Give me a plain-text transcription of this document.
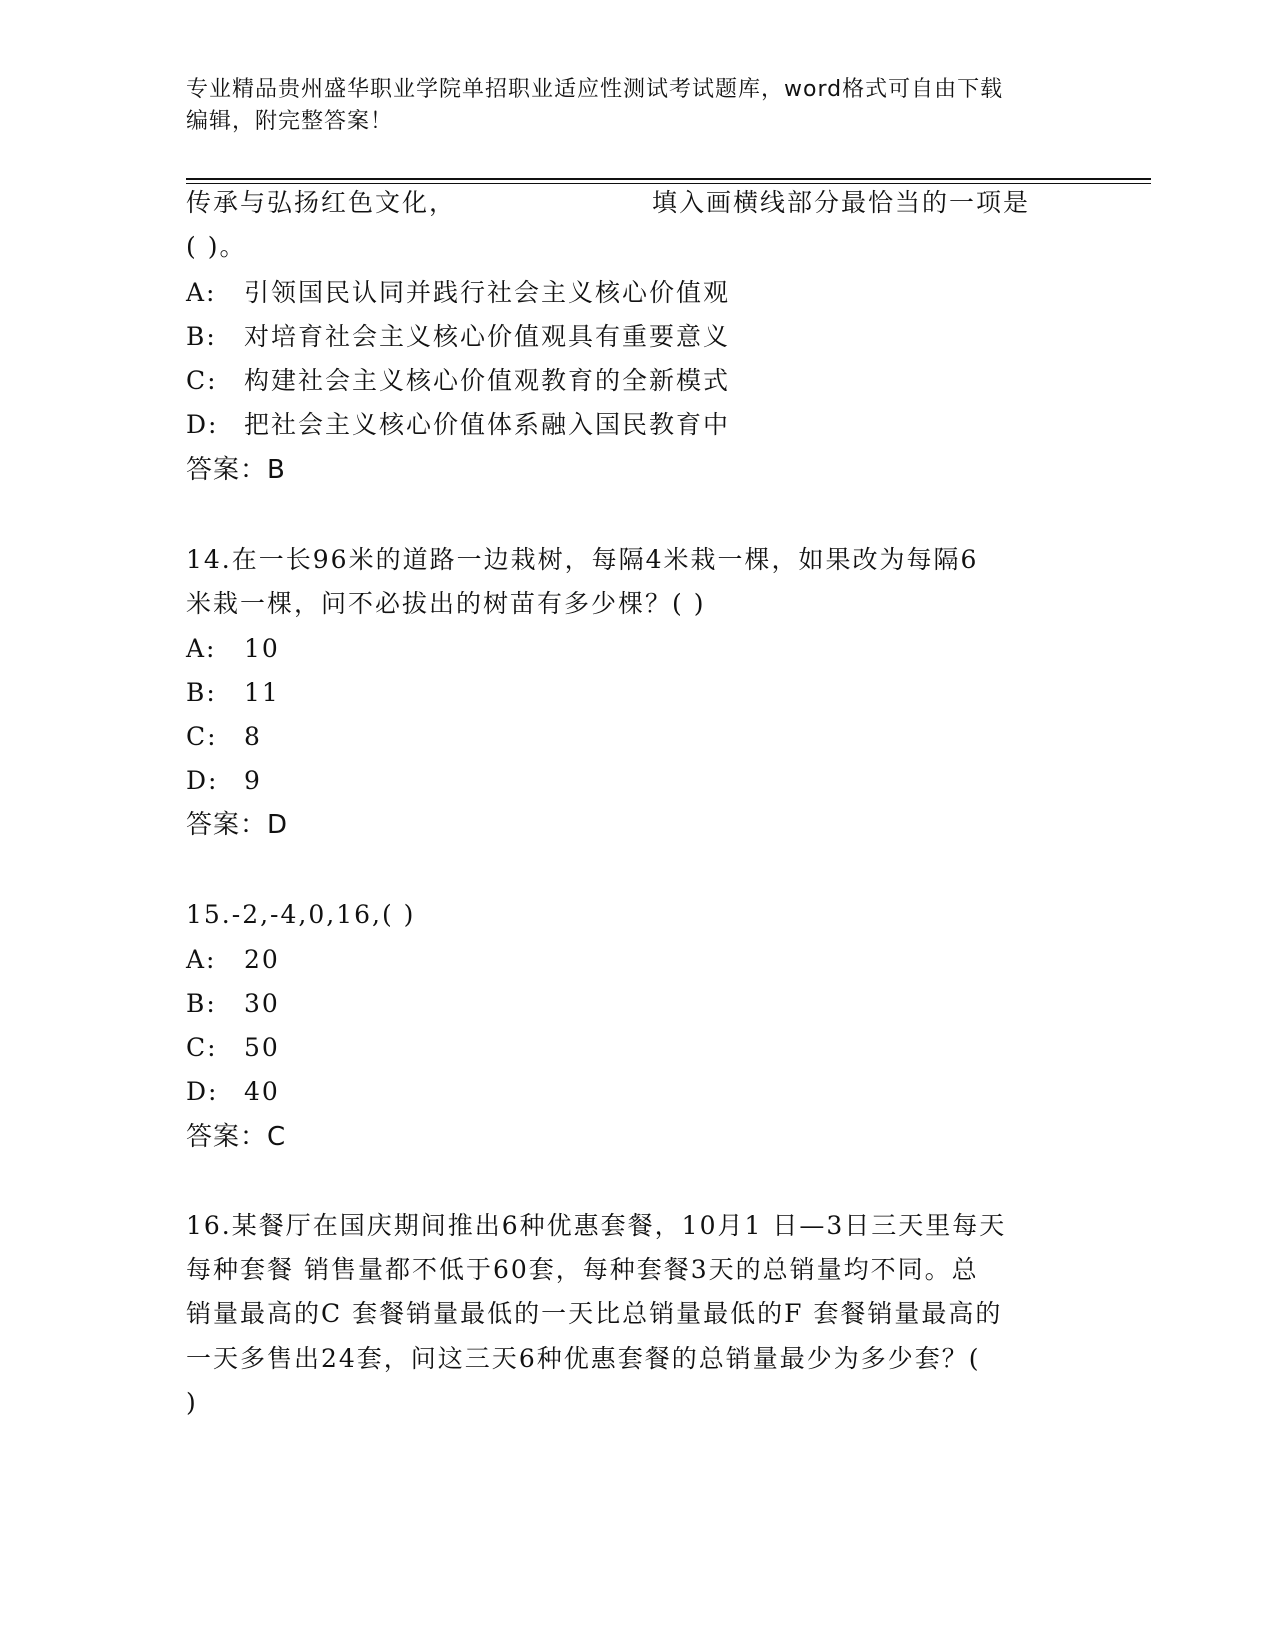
专业精品贵州盛华职业学院单招职业适应性测试考试题库，word格式可自由下载
编辑，附完整答案！
传承与弘扬红色文化，	填入画横线部分最恰当的一项是
( )。
A: 引领国民认同并践行社会主义核心价值观
B: 对培育社会主义核心价值观具有重要意义
C: 构建社会主义核心价值观教育的全新模式
D: 把社会主义核心价值体系融入国民教育中
答案：B
14.在一长96米的道路一边栽树，每隔4米栽一棵，如果改为每隔6
米栽一棵，问不必拔出的树苗有多少棵？( )
A: 10
B: 11
C: 8
D: 9
答案：D
15.-2,-4,0,16,( )
A: 20
B: 30
C: 50
D: 40
答案：C
16.某餐厅在国庆期间推出6种优惠套餐，10月1 日—3日三天里每天
每种套餐 销售量都不低于60套，每种套餐3天的总销量均不同。总
销量最高的C 套餐销量最低的一天比总销量最低的F 套餐销量最高的
一天多售出24套，问这三天6种优惠套餐的总销量最少为多少套？(
)
